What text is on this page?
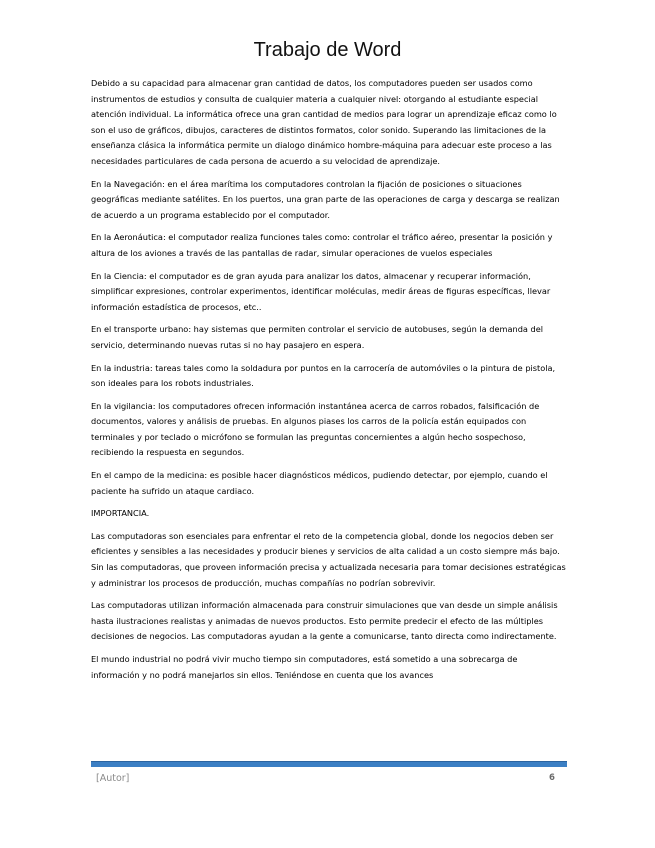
Trabajo de Word

Debido a su capacidad para almacenar gran cantidad de datos, los computadores pueden ser usados como instrumentos de estudios y consulta de cualquier materia a cualquier nivel: otorgando al estudiante especial atención individual. La informática ofrece una gran cantidad de medios para lograr un aprendizaje eficaz como lo son el uso de gráficos, dibujos, caracteres de distintos formatos, color sonido. Superando las limitaciones de la enseñanza clásica la informática permite un dialogo dinámico hombre-máquina para adecuar este proceso a las necesidades particulares de cada persona de acuerdo a su velocidad de aprendizaje.

En la Navegación: en el área marítima los computadores controlan la fijación de posiciones o situaciones geográficas mediante satélites. En los puertos, una gran parte de las operaciones de carga y descarga se realizan de acuerdo a un programa establecido por el computador.

En la Aeronáutica: el computador realiza funciones tales como: controlar el tráfico aéreo, presentar la posición y altura de los aviones a través de las pantallas de radar, simular operaciones de vuelos especiales

En la Ciencia: el computador es de gran ayuda para analizar los datos, almacenar y recuperar información, simplificar expresiones, controlar experimentos, identificar moléculas, medir áreas de figuras específicas, llevar información estadística de procesos, etc..

En el transporte urbano: hay sistemas que permiten controlar el servicio de autobuses, según la demanda del servicio, determinando nuevas rutas si no hay pasajero en espera.

En la industria: tareas tales como la soldadura por puntos en la carrocería de automóviles o la pintura de pistola, son ideales para los robots industriales.

En la vigilancia: los computadores ofrecen información instantánea acerca de carros robados, falsificación de documentos, valores y análisis de pruebas. En algunos piases los carros de la policía están equipados con terminales y por teclado o micrófono se formulan las preguntas concernientes a algún hecho sospechoso, recibiendo la respuesta en segundos.

En el campo de la medicina: es posible hacer diagnósticos médicos, pudiendo detectar, por ejemplo, cuando el paciente ha sufrido un ataque cardiaco.

IMPORTANCIA.

Las computadoras son esenciales para enfrentar el reto de la competencia global, donde los negocios deben ser eficientes y sensibles a las necesidades y producir bienes y servicios de alta calidad a un costo siempre más bajo. Sin las computadoras, que proveen información precisa y actualizada necesaria para tomar decisiones estratégicas y administrar los procesos de producción, muchas compañías no podrían sobrevivir.

Las computadoras utilizan información almacenada para construir simulaciones que van desde un simple análisis hasta ilustraciones realistas y animadas de nuevos productos. Esto permite predecir el efecto de las múltiples decisiones de negocios. Las computadoras ayudan a la gente a comunicarse, tanto directa como indirectamente.

El mundo industrial no podrá vivir mucho tiempo sin computadores, está sometido a una sobrecarga de información y no podrá manejarlos sin ellos. Teniéndose en cuenta que los avances

[Autor]	6
